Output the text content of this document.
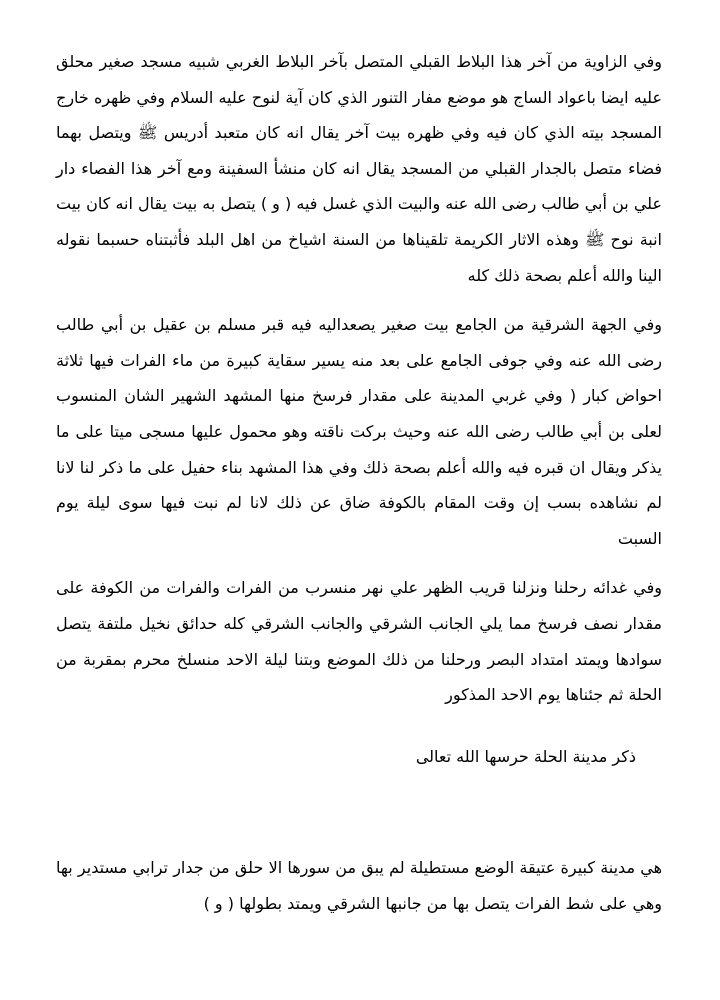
وفي الزاوية من آخر هذا البلاط القبلي المتصل بآخر البلاط الغربي شبيه مسجد صغير محلق عليه ايضا باعواد الساج هو موضع مفار التنور الذي كان آية لنوح عليه السلام وفي ظهره خارج المسجد بيته الذي كان فيه وفي ظهره بيت آخر يقال انه كان متعبد أدريس ﷺ ويتصل بهما فضاء متصل بالجدار القبلي من المسجد يقال انه كان منشأ السفينة ومع آخر هذا الفصاء دار علي بن أبي طالب رضى الله عنه والبيت الذي غسل فيه ( و ) يتصل به بيت يقال انه كان بيت انبة نوح ﷺ وهذه الاثار الكريمة تلقيناها من السنة اشياخ من اهل البلد فأثبتناه حسبما نقوله الينا والله أعلم بصحة ذلك كله

وفي الجهة الشرقية من الجامع بيت صغير يصعداليه فيه قبر مسلم بن عقيل بن أبي طالب رضى الله عنه وفي جوفى الجامع على بعد منه يسير سقاية كبيرة من ماء الفرات فيها ثلاثة احواض كبار ( وفي غربي المدينة على مقدار فرسخ منها المشهد الشهير الشان المنسوب لعلى بن أبي طالب رضى الله عنه وحيث بركت ناقته وهو محمول عليها مسجى ميتا على ما يذكر ويقال ان قبره فيه والله أعلم بصحة ذلك وفي هذا المشهد بناء حفيل على ما ذكر لنا لانا لم نشاهده بسب إن وقت المقام بالكوفة ضاق عن ذلك لانا لم نبت فيها سوى ليلة يوم السبت

وفي غدائه رحلنا ونزلنا قريب الظهر علي نهر منسرب من الفرات والفرات من الكوفة على مقدار نصف فرسخ مما يلي الجانب الشرقي والجانب الشرقي كله حدائق نخيل ملتفة يتصل سوادها ويمتد امتداد البصر ورحلنا من ذلك الموضع وبتنا ليلة الاحد منسلخ محرم بمقربة من الحلة ثم جئناها يوم الاحد المذكور

ذكر مدينة الحلة حرسها الله تعالى

هي مدينة كبيرة عتيقة الوضع مستطيلة لم يبق من سورها الا حلق من جدار ترابي مستدير بها وهي على شط الفرات يتصل بها من جانبها الشرقي ويمتد بطولها ( و )
